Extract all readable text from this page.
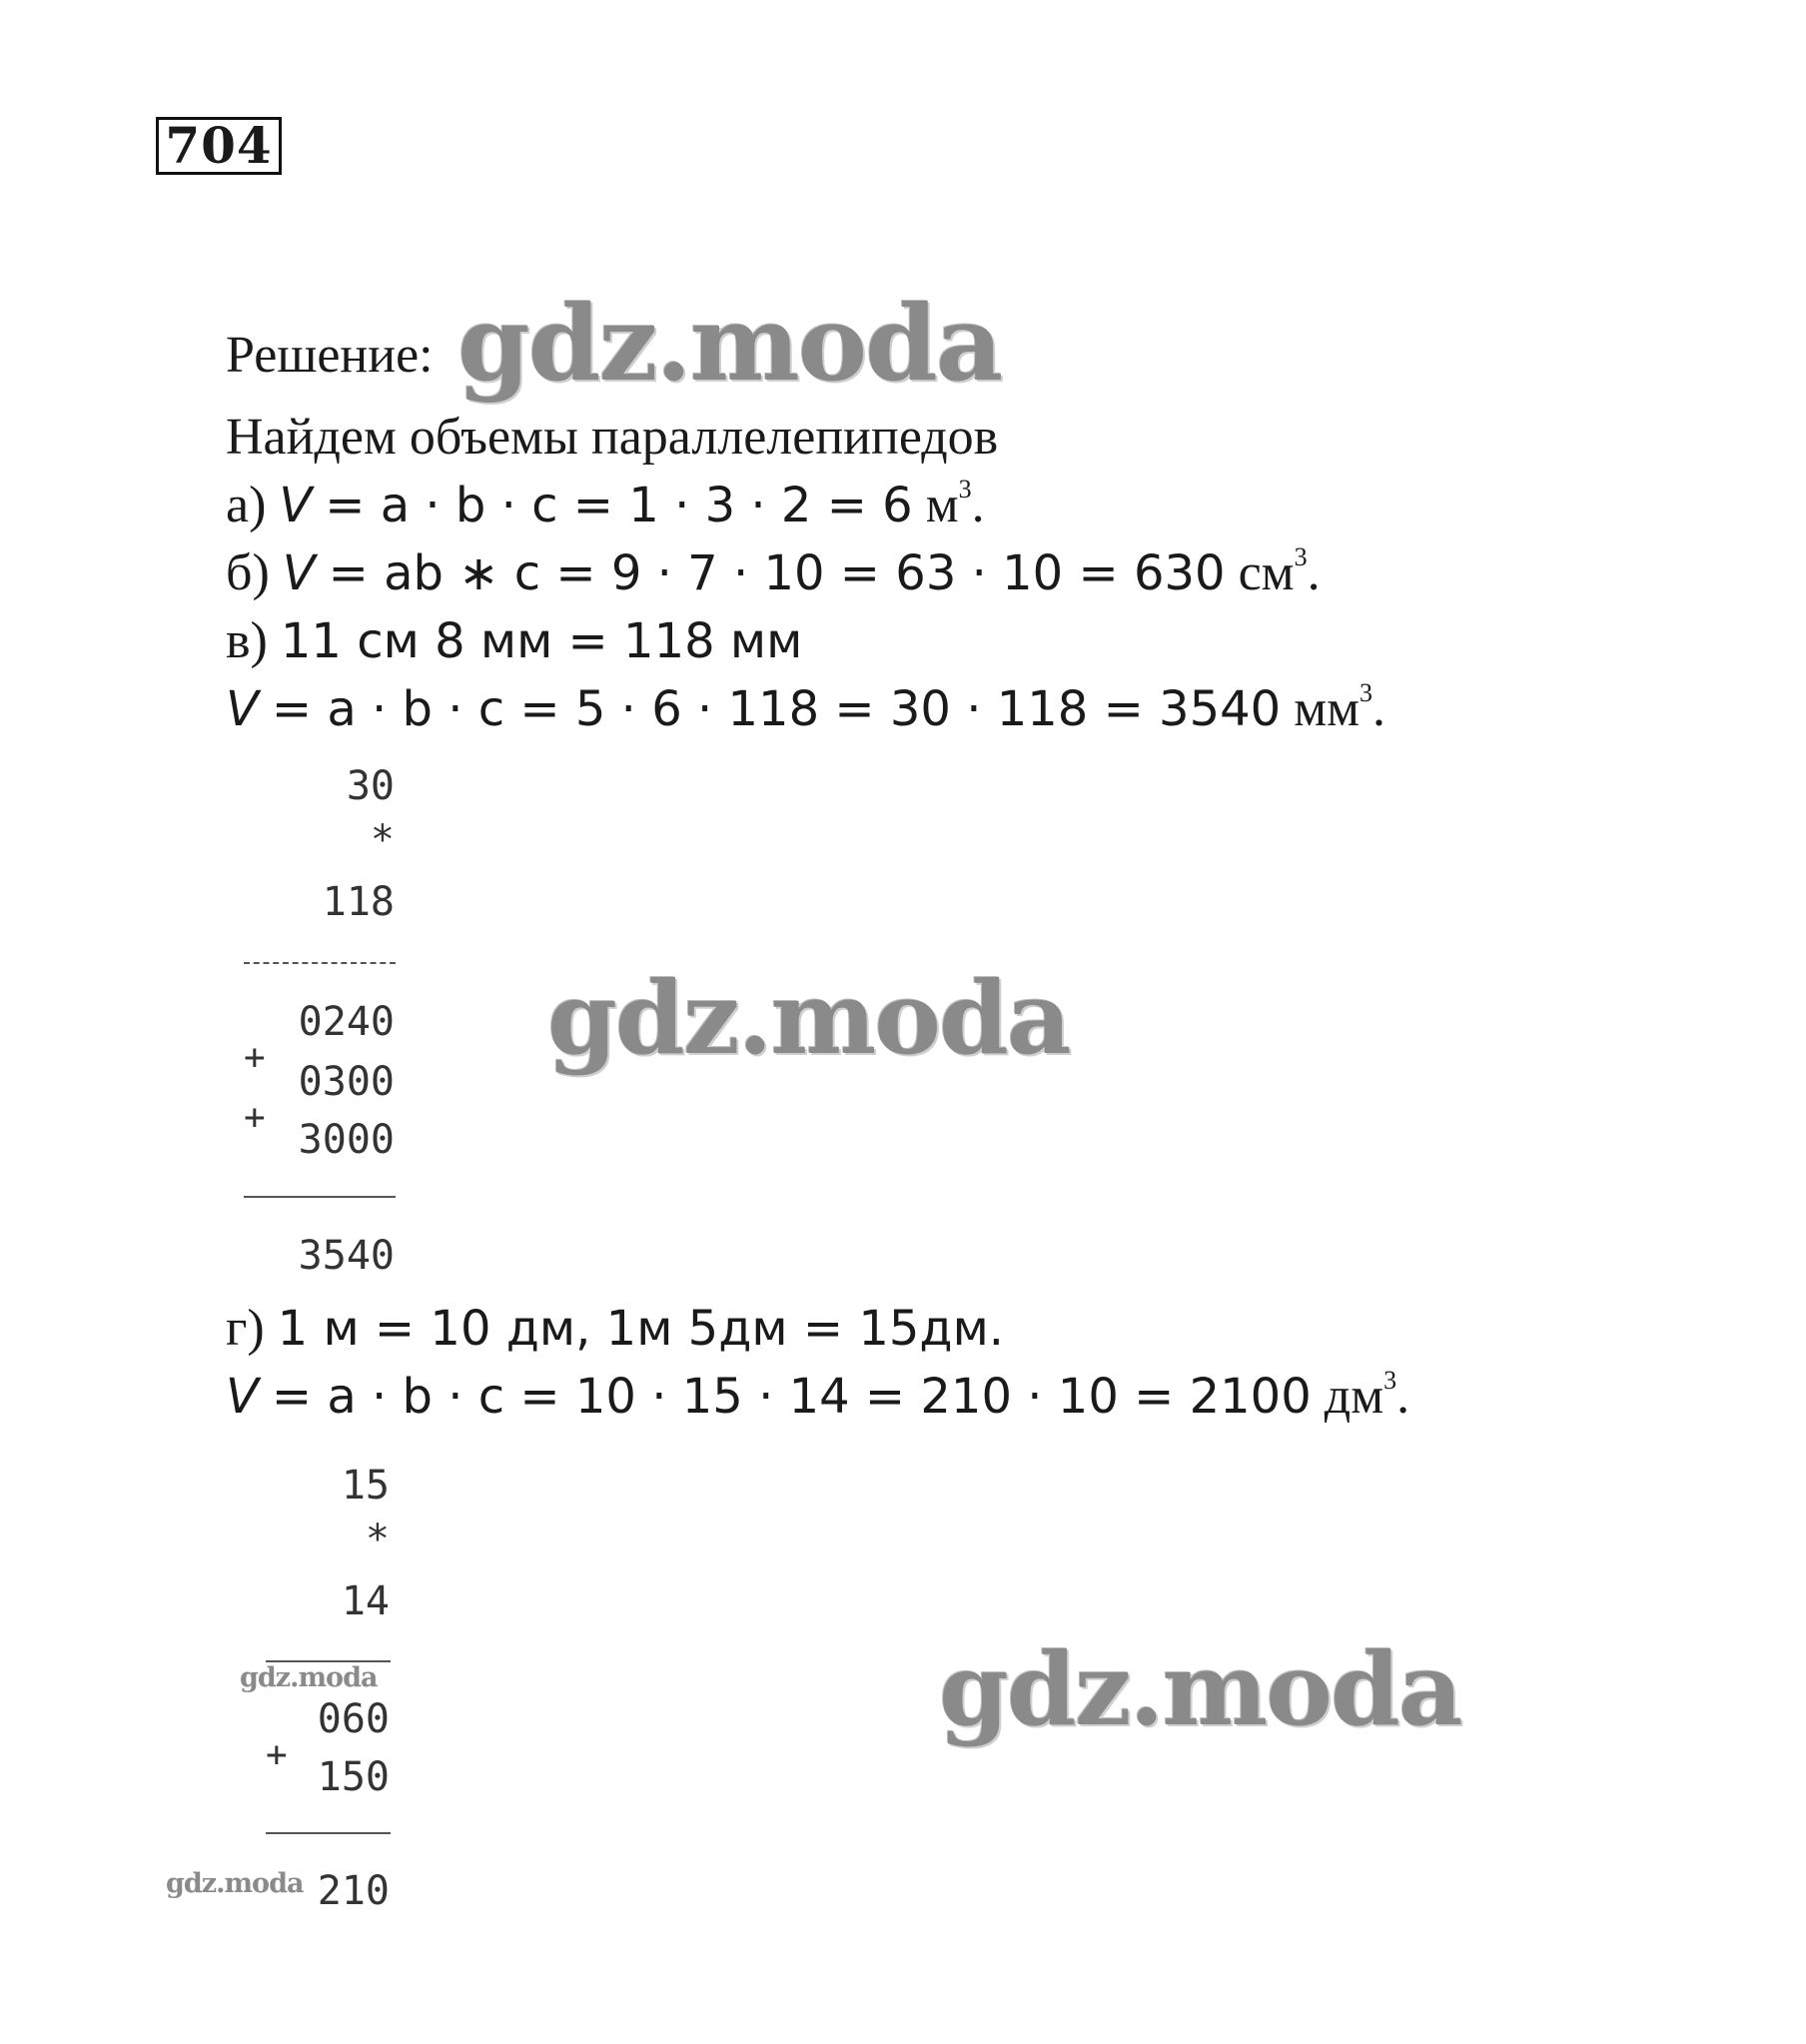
704
Решение: gdz.moda
Найдем объемы параллелепипедов
а) V = a · b · c = 1 · 3 · 2 = 6 $м^3$.
б) V = ab ∗ c = 9 · 7 · 10 = 63 · 10 = 630 $см^3$.
в) 11 см 8 мм = 118 мм
V = a · b · c = 5 · 6 · 118 = 30 · 118 = 3540 $мм^3$.
30
*
118
0240
+
0300
+ 3000
3540
gdz.moda
г) 1 м = 10 дм, 1м 5дм = 15дм.
V = a · b · c = 10 · 15 · 14 = 210 · 10 = 2100 $дм^3$.
15
*
14
gdz.moda
060
+ 150
210
gdz.moda
gdz.moda
